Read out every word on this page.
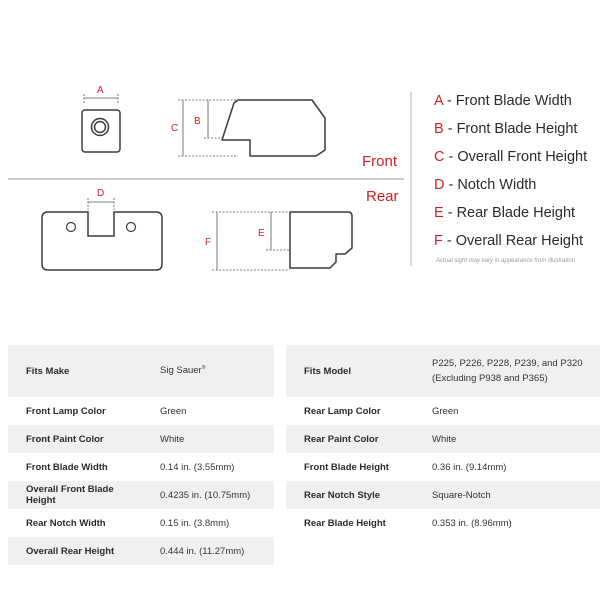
A
C
B
Front
Rear
D
F
E
A - Front Blade Width
B - Front Blade Height
C - Overall Front Height
D - Notch Width
E - Rear Blade Height
F - Overall Rear Height
Actual sight may vary in appearance from illustration
Fits Make	Sig Sauer®
Front Lamp Color	Green
Front Paint Color	White
Front Blade Width	0.14 in. (3.55mm)
Overall Front Blade Height	0.4235 in. (10.75mm)
Rear Notch Width	0.15 in. (3.8mm)
Overall Rear Height	0.444 in. (11.27mm)
Fits Model	P225, P226, P228, P239, and P320
(Excluding P938 and P365)

Rear Lamp Color	Green
Rear Paint Color	White
Front Blade Height	0.36 in. (9.14mm)
Rear Notch Style	Square-Notch
Rear Blade Height	0.353 in. (8.96mm)
